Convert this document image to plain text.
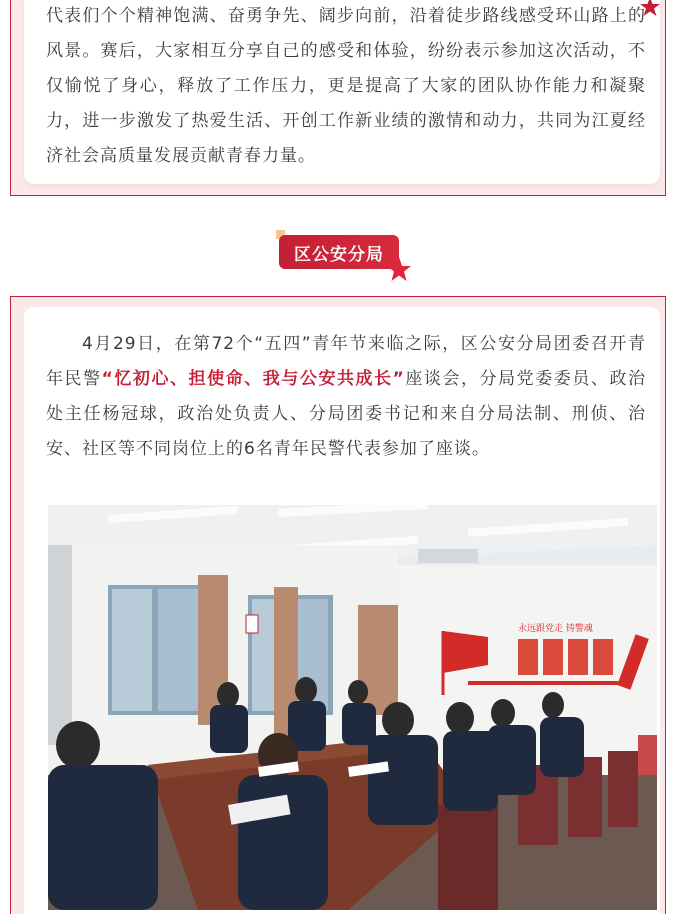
代表们个个精神饱满、奋勇争先、阔步向前，沿着徒步路线感受环山路上的风景。赛后，大家相互分享自己的感受和体验，纷纷表示参加这次活动，不仅愉悦了身心，释放了工作压力，更是提高了大家的团队协作能力和凝聚力，进一步激发了热爱生活、开创工作新业绩的激情和动力，共同为江夏经济社会高质量发展贡献青春力量。

区公安分局

4月29日，在第72个“五四”青年节来临之际，区公安分局团委召开青年民警“忆初心、担使命、我与公安共成长”座谈会，分局党委委员、政治处主任杨冠球，政治处负责人、分局团委书记和来自分局法制、刑侦、治安、社区等不同岗位上的6名青年民警代表参加了座谈。

永远跟党走 铸警魂
